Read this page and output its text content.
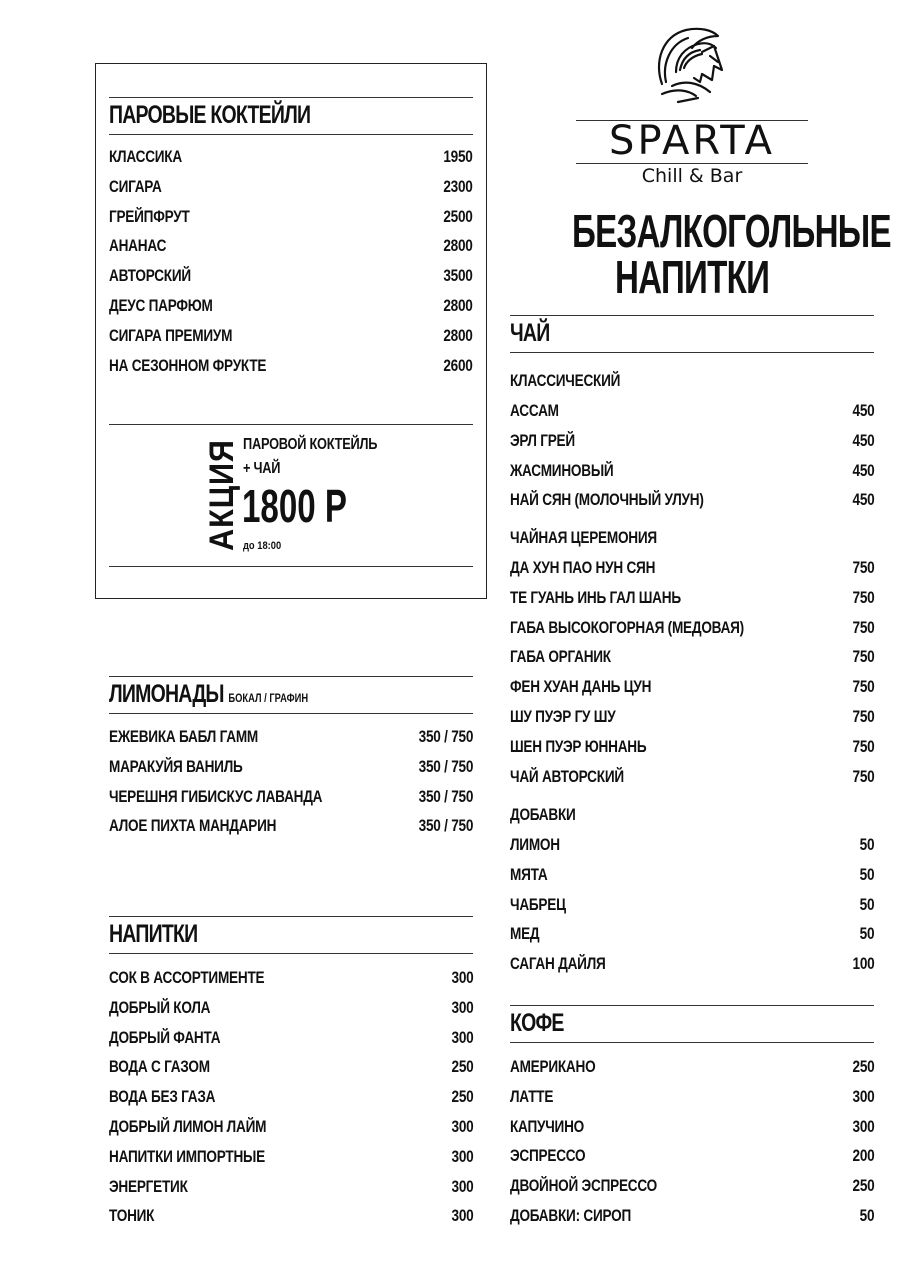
ПАРОВЫЕ КОКТЕЙЛИ
КЛАССИКА	1950
СИГАРА	2300
ГРЕЙПФРУТ	2500
АНАНАС	2800
АВТОРСКИЙ	3500
ДЕУС ПАРФЮМ	2800
СИГАРА ПРЕМИУМ	2800
НА СЕЗОННОМ ФРУКТЕ	2600
АКЦИЯ ПАРОВОЙ КОКТЕЙЛЬ
+ ЧАЙ
1800 Р
до 18:00
ЛИМОНАДЫ БОКАЛ / ГРАФИН
ЕЖЕВИКА БАБЛ ГАММ	350 / 750
МАРАКУЙЯ ВАНИЛЬ	350 / 750
ЧЕРЕШНЯ ГИБИСКУС ЛАВАНДА	350 / 750
АЛОЕ ПИХТА МАНДАРИН	350 / 750
НАПИТКИ
СОК В АССОРТИМЕНТЕ	300
ДОБРЫЙ КОЛА	300
ДОБРЫЙ ФАНТА	300
ВОДА С ГАЗОМ	250
ВОДА БЕЗ ГАЗА	250
ДОБРЫЙ ЛИМОН ЛАЙМ	300
НАПИТКИ ИМПОРТНЫЕ	300
ЭНЕРГЕТИК	300
ТОНИК	300
SPARTA
Chill & Bar
БЕЗАЛКОГОЛЬНЫЕ
НАПИТКИ
ЧАЙ
КЛАССИЧЕСКИЙ
АССАМ	450
ЭРЛ ГРЕЙ	450
ЖАСМИНОВЫЙ	450
НАЙ СЯН (МОЛОЧНЫЙ УЛУН)	450
ЧАЙНАЯ ЦЕРЕМОНИЯ
ДА ХУН ПАО НУН СЯН	750
ТЕ ГУАНЬ ИНЬ ГАЛ ШАНЬ	750
ГАБА ВЫСОКОГОРНАЯ (МЕДОВАЯ)	750
ГАБА ОРГАНИК	750
ФЕН ХУАН ДАНЬ ЦУН	750
ШУ ПУЭР ГУ ШУ	750
ШЕН ПУЭР ЮННАНЬ	750
ЧАЙ АВТОРСКИЙ	750
ДОБАВКИ
ЛИМОН	50
МЯТА	50
ЧАБРЕЦ	50
МЕД	50
САГАН ДАЙЛЯ	100
КОФЕ
АМЕРИКАНО	250
ЛАТТЕ	300
КАПУЧИНО	300
ЭСПРЕССО	200
ДВОЙНОЙ ЭСПРЕССО	250
ДОБАВКИ: СИРОП	50
